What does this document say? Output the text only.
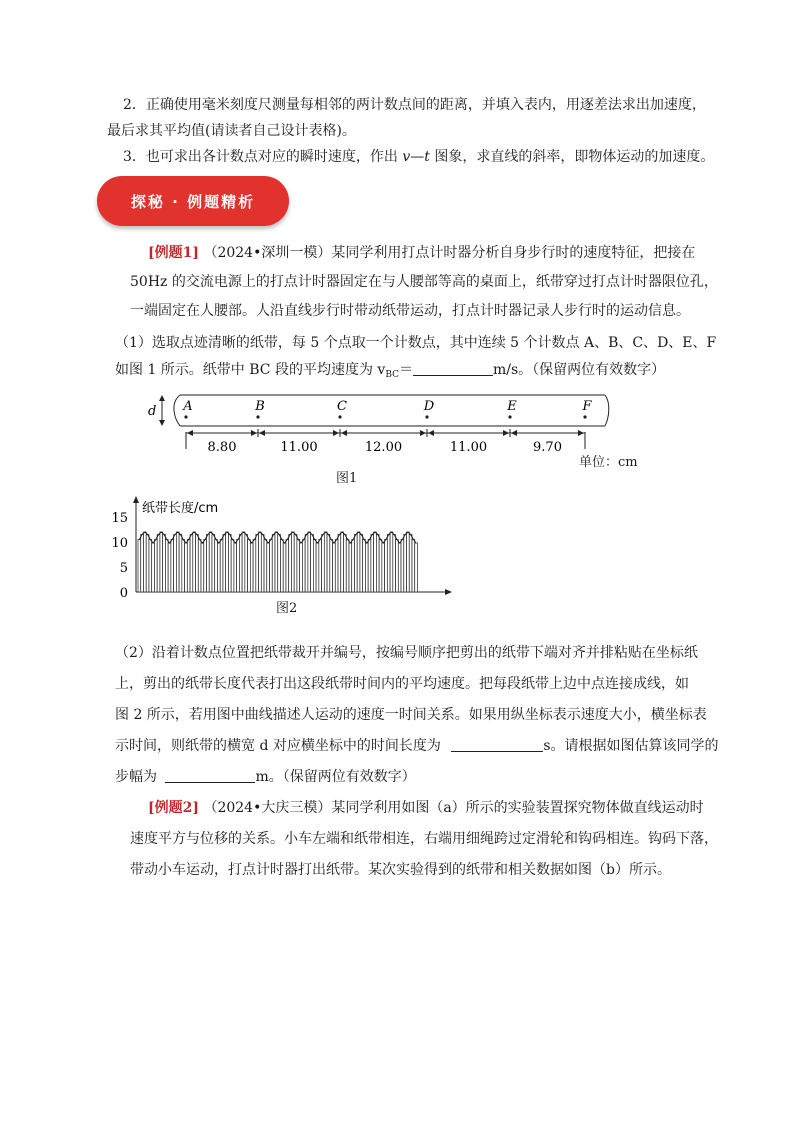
2．正确使用毫米刻度尺测量每相邻的两计数点间的距离，并填入表内，用逐差法求出加速度，
最后求其平均值(请读者自己设计表格)。
3．也可求出各计数点对应的瞬时速度，作出 v—t 图象，求直线的斜率，即物体运动的加速度。
探秘 · 例题精析
[例题1] （2024•深圳一模）某同学利用打点计时器分析自身步行时的速度特征，把接在
50Hz 的交流电源上的打点计时器固定在与人腰部等高的桌面上，纸带穿过打点计时器限位孔，
一端固定在人腰部。人沿直线步行时带动纸带运动，打点计时器记录人步行时的运动信息。
（1）选取点迹清晰的纸带，每 5 个点取一个计数点，其中连续 5 个计数点 A、B、C、D、E、F
如图 1 所示。纸带中 BC 段的平均速度为 $v_{BC}=$	m/s。（保留两位有效数字）
d A	B	C	D	E	F
8.80	11.00	12.00	11.00	9.70
单位：cm
图1
纸带长度/cm
0
5
10
15
图2
（2）沿着计数点位置把纸带裁开并编号，按编号顺序把剪出的纸带下端对齐并排粘贴在坐标纸
上，剪出的纸带长度代表打出这段纸带时间内的平均速度。把每段纸带上边中点连接成线，如
图 2 所示，若用图中曲线描述人运动的速度一时间关系。如果用纵坐标表示速度大小，横坐标表
示时间，则纸带的横宽 d 对应横坐标中的时间长度为	s。请根据如图估算该同学的
步幅为	m。（保留两位有效数字）
[例题2] （2024•大庆三模）某同学利用如图（a）所示的实验装置探究物体做直线运动时
速度平方与位移的关系。小车左端和纸带相连，右端用细绳跨过定滑轮和钩码相连。钩码下落，
带动小车运动，打点计时器打出纸带。某次实验得到的纸带和相关数据如图（b）所示。
